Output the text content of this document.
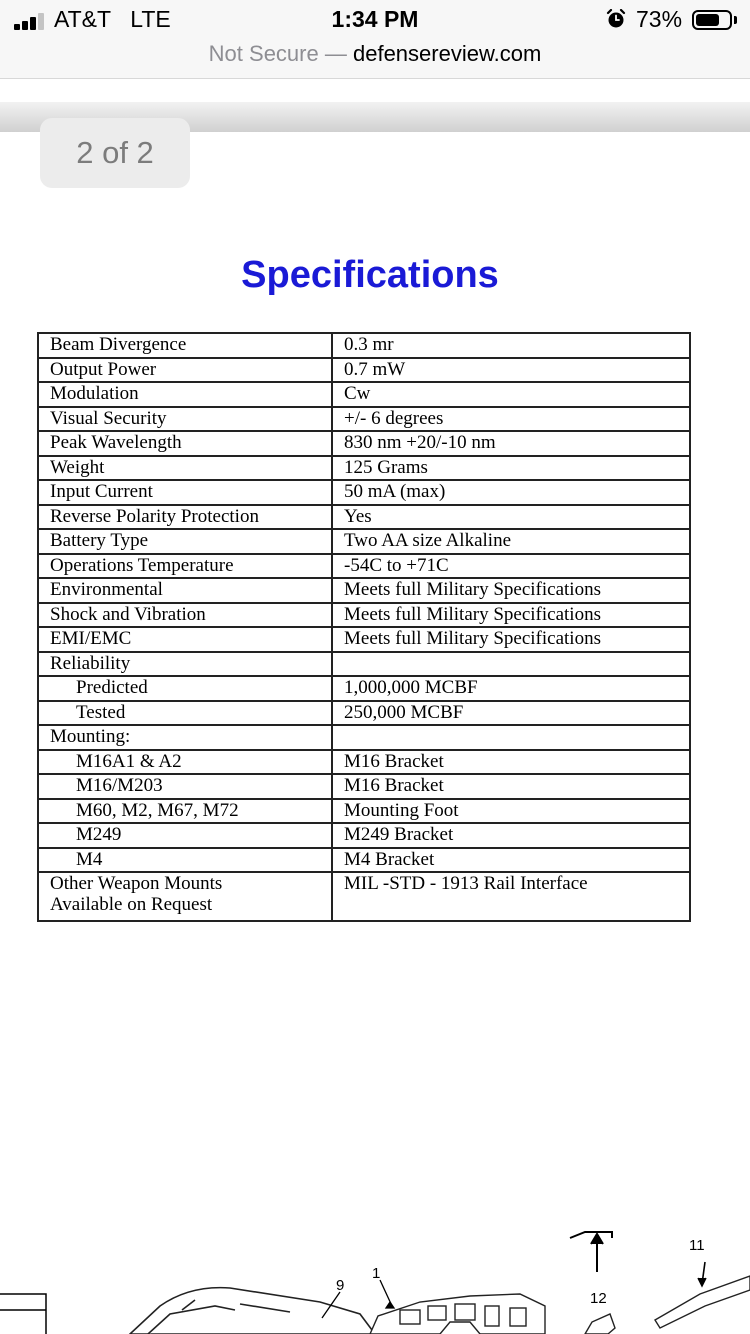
AT&T LTE	1:34 PM	73%
Not Secure — defensereview.com
2 of 2
Specifications
Beam Divergence	0.3 mr
Output Power	0.7 mW
Modulation	Cw
Visual Security	+/- 6 degrees
Peak Wavelength	830 nm +20/-10 nm
Weight	125 Grams
Input Current	50 mA (max)
Reverse Polarity Protection	Yes
Battery Type	Two AA size Alkaline
Operations Temperature	-54C to +71C
Environmental	Meets full Military Specifications
Shock and Vibration	Meets full Military Specifications
EMI/EMC	Meets full Military Specifications
Reliability	
Predicted	1,000,000 MCBF
Tested	250,000 MCBF
Mounting:	
M16A1 & A2	M16 Bracket
M16/M203	M16 Bracket
M60, M2, M67, M72	Mounting Foot
M249	M249 Bracket
M4	M4 Bracket

Other Weapon Mounts
Available on Request	MIL -STD - 1913 Rail Interface
9
1
12
11
